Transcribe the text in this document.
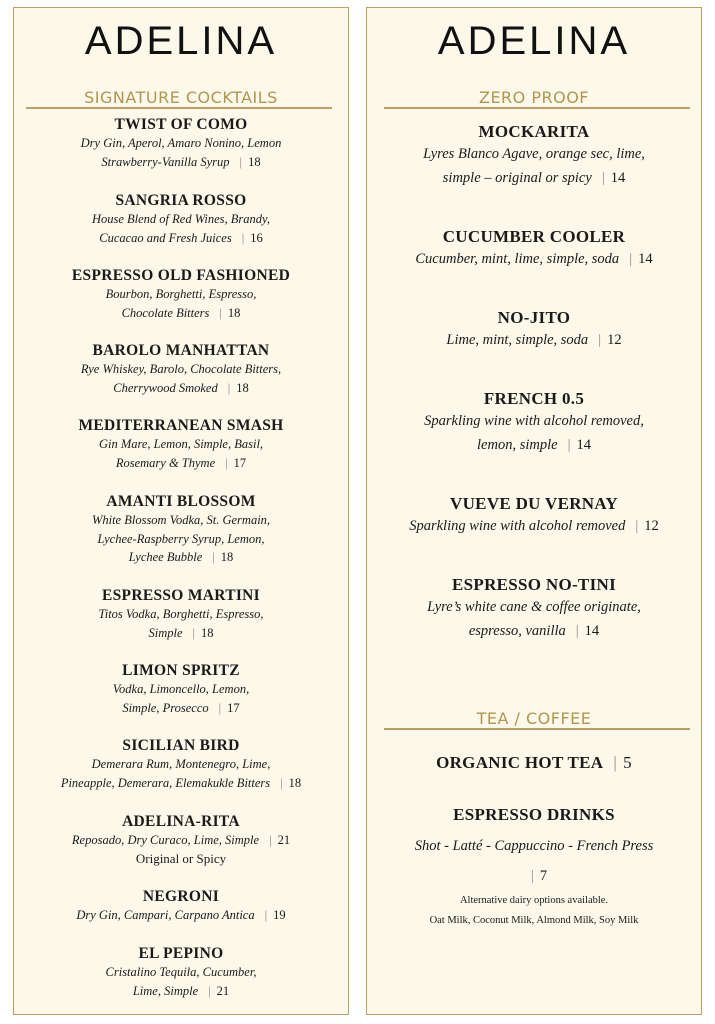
ADELINA
SIGNATURE COCKTAILS
TWIST OF COMO
Dry Gin, Aperol, Amaro Nonino, Lemon
Strawberry-Vanilla Syrup | 18
SANGRIA ROSSO
House Blend of Red Wines, Brandy,
Cucacao and Fresh Juices | 16
ESPRESSO OLD FASHIONED
Bourbon, Borghetti, Espresso,
Chocolate Bitters | 18
BAROLO MANHATTAN
Rye Whiskey, Barolo, Chocolate Bitters,
Cherrywood Smoked | 18
MEDITERRANEAN SMASH
Gin Mare, Lemon, Simple, Basil,
Rosemary & Thyme | 17
AMANTI BLOSSOM
White Blossom Vodka, St. Germain,
Lychee-Raspberry Syrup, Lemon,
Lychee Bubble | 18
ESPRESSO MARTINI
Titos Vodka, Borghetti, Espresso,
Simple | 18
LIMON SPRITZ
Vodka, Limoncello, Lemon,
Simple, Prosecco | 17
SICILIAN BIRD
Demerara Rum, Montenegro, Lime,
Pineapple, Demerara, Elemakukle Bitters | 18
ADELINA-RITA
Reposado, Dry Curaco, Lime, Simple | 21
Original or Spicy
NEGRONI
Dry Gin, Campari, Carpano Antica | 19
EL PEPINO
Cristalino Tequila, Cucumber,
Lime, Simple | 21
ADELINA
ZERO PROOF
MOCKARITA
Lyres Blanco Agave, orange sec, lime,
simple – original or spicy | 14
CUCUMBER COOLER
Cucumber, mint, lime, simple, soda | 14
NO-JITO
Lime, mint, simple, soda | 12
FRENCH 0.5
Sparkling wine with alcohol removed,
lemon, simple | 14
VUEVE DU VERNAY
Sparkling wine with alcohol removed | 12
ESPRESSO NO-TINI
Lyre’s white cane & coffee originate,
espresso, vanilla | 14
TEA / COFFEE
ORGANIC HOT TEA | 5
ESPRESSO DRINKS
Shot - Latté - Cappuccino - French Press
| 7
Alternative dairy options available.
Oat Milk, Coconut Milk, Almond Milk, Soy Milk
